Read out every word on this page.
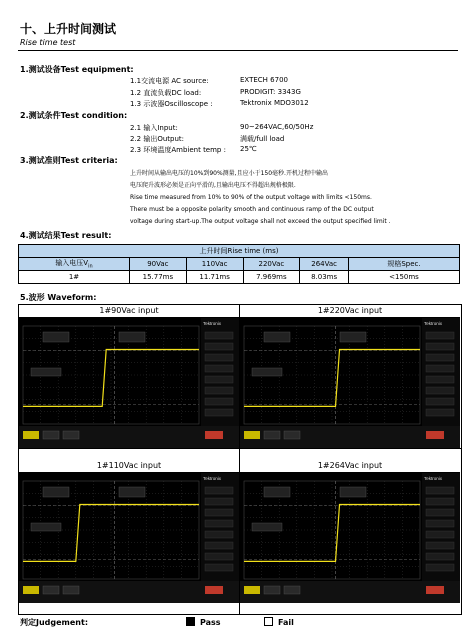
十、上升时间测试
Rise time test
1.测试设备Test equipment:
1.1交流电源 AC source:	EXTECH 6700
1.2 直流负载DC load:	PRODIGIT: 3343G
1.3 示波器Oscilloscope :	Tektronix MDO3012
2.测试条件Test condition:
2.1 输入Input:	90~264VAC,60/50Hz
2.2 输出Output:	满载/full load
2.3 环境温度Ambient temp : 25℃
3.测试准则Test criteria:
上升时间从输出电压的10%到90%测量,且应小于150毫秒.开机过程中输出
电压爬升波形必须是正向平滑的,且输出电压不得超出规格极限.
Rise time measured from 10% to 90% of the output voltage with limits <150ms.
There must be a opposite polarity smooth and continuous ramp of the DC output
voltage during start-up.The output voltage shall not exceed the output specified limit .
4.测试结果Test result:
上升时间Rise time (ms)					
输入电压$V_{in}$	90Vac	110Vac	220Vac	264Vac	规格Spec.
1#	15.77ms	11.71ms	7.969ms	8.03ms	<150ms
5.波形 Waveform:
1#90Vac input
Tektronix
1#220Vac input
Tektronix
1#110Vac input
Tektronix
1#264Vac input
Tektronix
判定Judgement:	Pass	Fail
